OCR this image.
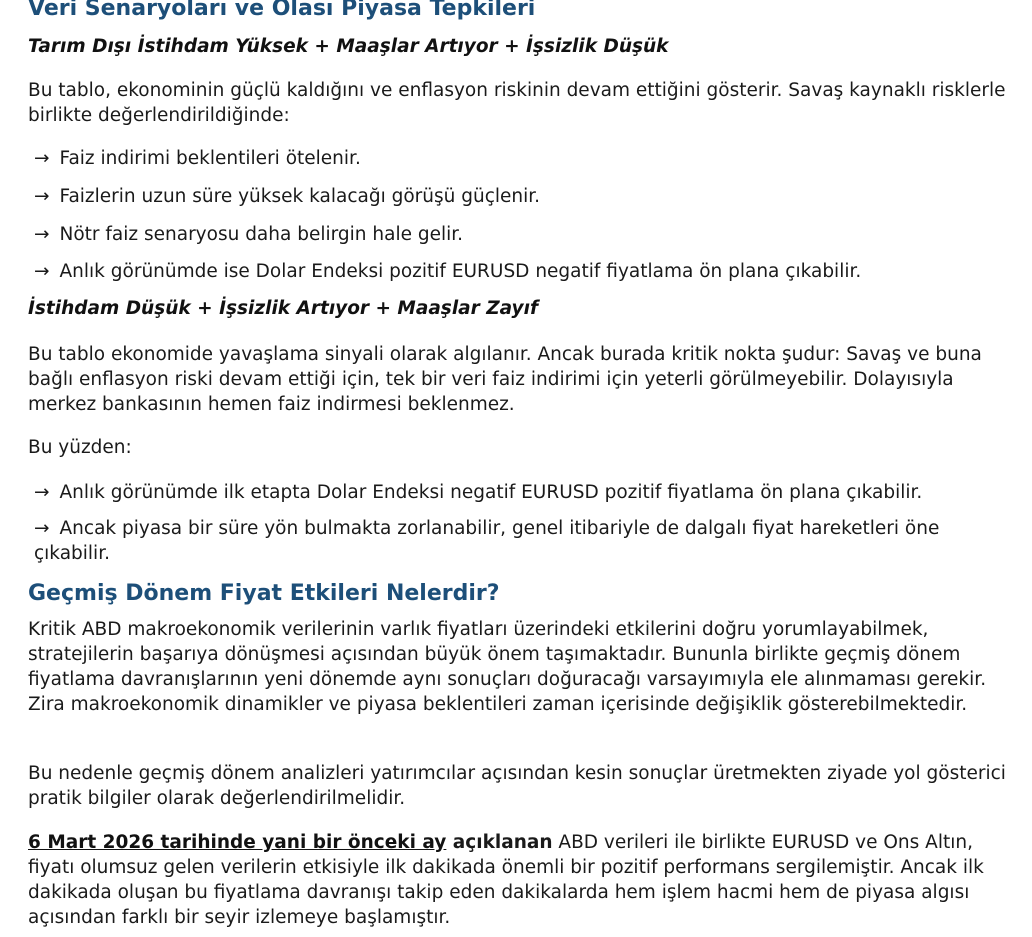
Veri Senaryoları ve Olası Piyasa Tepkileri
Tarım Dışı İstihdam Yüksek + Maaşlar Artıyor + İşsizlik Düşük

Bu tablo, ekonominin güçlü kaldığını ve enflasyon riskinin devam ettiğini gösterir. Savaş kaynaklı risklerle birlikte değerlendirildiğinde:

→ Faiz indirimi beklentileri ötelenir.

→ Faizlerin uzun süre yüksek kalacağı görüşü güçlenir.

→ Nötr faiz senaryosu daha belirgin hale gelir.

→ Anlık görünümde ise Dolar Endeksi pozitif EURUSD negatif fiyatlama ön plana çıkabilir.

İstihdam Düşük + İşsizlik Artıyor + Maaşlar Zayıf

Bu tablo ekonomide yavaşlama sinyali olarak algılanır. Ancak burada kritik nokta şudur: Savaş ve buna bağlı enflasyon riski devam ettiği için, tek bir veri faiz indirimi için yeterli görülmeyebilir. Dolayısıyla merkez bankasının hemen faiz indirmesi beklenmez.

Bu yüzden:

→ Anlık görünümde ilk etapta Dolar Endeksi negatif EURUSD pozitif fiyatlama ön plana çıkabilir.

→ Ancak piyasa bir süre yön bulmakta zorlanabilir, genel itibariyle de dalgalı fiyat hareketleri öne çıkabilir.

Geçmiş Dönem Fiyat Etkileri Nelerdir?

Kritik ABD makroekonomik verilerinin varlık fiyatları üzerindeki etkilerini doğru yorumlayabilmek, stratejilerin başarıya dönüşmesi açısından büyük önem taşımaktadır. Bununla birlikte geçmiş dönem fiyatlama davranışlarının yeni dönemde aynı sonuçları doğuracağı varsayımıyla ele alınmaması gerekir. Zira makroekonomik dinamikler ve piyasa beklentileri zaman içerisinde değişiklik gösterebilmektedir.

Bu nedenle geçmiş dönem analizleri yatırımcılar açısından kesin sonuçlar üretmekten ziyade yol gösterici pratik bilgiler olarak değerlendirilmelidir.

6 Mart 2026 tarihinde yani bir önceki ay açıklanan ABD verileri ile birlikte EURUSD ve Ons Altın, fiyatı olumsuz gelen verilerin etkisiyle ilk dakikada önemli bir pozitif performans sergilemiştir. Ancak ilk dakikada oluşan bu fiyatlama davranışı takip eden dakikalarda hem işlem hacmi hem de piyasa algısı açısından farklı bir seyir izlemeye başlamıştır.
